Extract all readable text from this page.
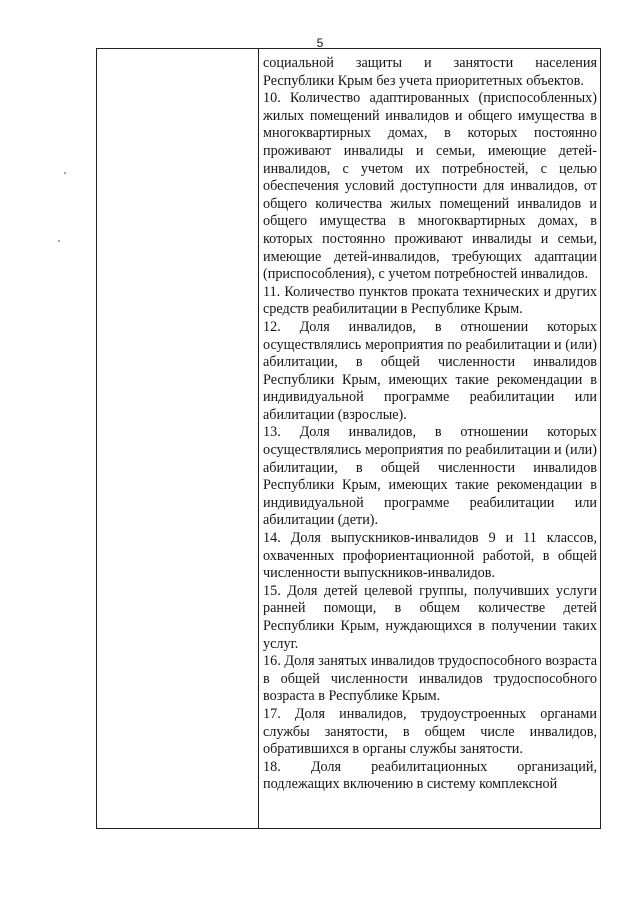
5

социальной защиты и занятости населения Республики Крым без учета приоритетных объектов.

10. Количество адаптированных (приспособленных) жилых помещений инвалидов и общего имущества в многоквартирных домах, в которых постоянно проживают инвалиды и семьи, имеющие детей-инвалидов, с учетом их потребностей, с целью обеспечения условий доступности для инвалидов, от общего количества жилых помещений инвалидов и общего имущества в многоквартирных домах, в которых постоянно проживают инвалиды и семьи, имеющие детей-инвалидов, требующих адаптации (приспособления), с учетом потребностей инвалидов.

11. Количество пунктов проката технических и других средств реабилитации в Республике Крым.

12. Доля инвалидов, в отношении которых осуществлялись мероприятия по реабилитации и (или) абилитации, в общей численности инвалидов Республики Крым, имеющих такие рекомендации в индивидуальной программе реабилитации или абилитации (взрослые).

13. Доля инвалидов, в отношении которых осуществлялись мероприятия по реабилитации и (или) абилитации, в общей численности инвалидов Республики Крым, имеющих такие рекомендации в индивидуальной программе реабилитации или абилитации (дети).

14. Доля выпускников-инвалидов 9 и 11 классов, охваченных профориентационной работой, в общей численности выпускников-инвалидов.

15. Доля детей целевой группы, получивших услуги ранней помощи, в общем количестве детей Республики Крым, нуждающихся в получении таких услуг.

16. Доля занятых инвалидов трудоспособного возраста в общей численности инвалидов трудоспособного возраста в Республике Крым.

17. Доля инвалидов, трудоустроенных органами службы занятости, в общем числе инвалидов, обратившихся в органы службы занятости.

18. Доля реабилитационных организаций, подлежащих включению в систему комплексной
